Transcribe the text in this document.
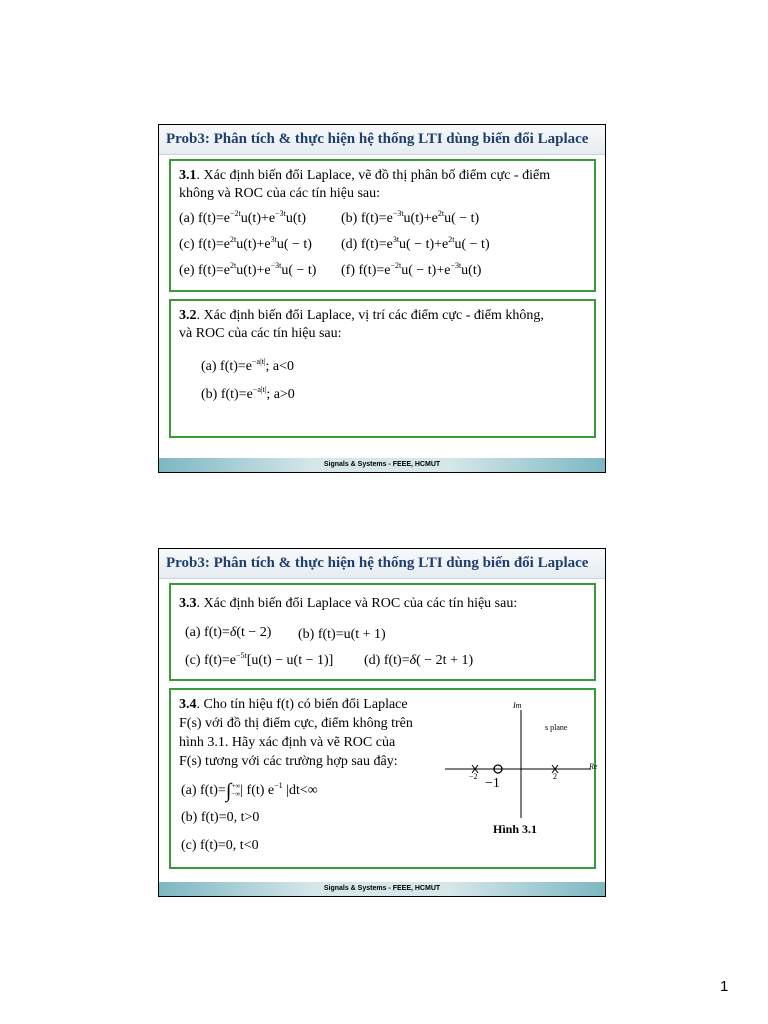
Prob3: Phân tích & thực hiện hệ thống LTI dùng biến đổi Laplace
3.1. Xác định biến đổi Laplace, vẽ đồ thị phân bố điểm cực - điểm
không và ROC của các tín hiệu sau:
(a) $f(t)=e^{-2t}u(t)+e^{-3t}u(t)$ (b) $f(t)=e^{-3t}u(t)+e^{2t}u( - t)$
(c) $f(t)=e^{2t}u(t)+e^{3t}u( - t)$ (d) $f(t)=e^{3t}u( - t)+e^{2t}u( - t)$
(e) $f(t)=e^{2t}u(t)+e^{-3t}u( - t)$ (f) $f(t)=e^{-2t}u( - t)+e^{-3t}u(t)$
3.2. Xác định biến đổi Laplace, vị trí các điểm cực - điểm không,
và ROC của các tín hiệu sau:
(a) $f(t)=e^{-a|t|}$; a<0
(b) $f(t)=e^{-a|t|}$; a>0
Signals & Systems - FEEE, HCMUT
Prob3: Phân tích & thực hiện hệ thống LTI dùng biến đổi Laplace
3.3. Xác định biến đổi Laplace và ROC của các tín hiệu sau:
(a) f(t)=δ(t − 2) (b) f(t)=u(t + 1)
(c) $f(t)=e^{-5t}[u(t) - u(t - 1)]$ (d) f(t)=δ( − 2t + 1)
3.4. Cho tín hiệu f(t) có biến đổi Laplace
F(s) với đồ thị điểm cực, điểm không trên
hình 3.1. Hãy xác định và vẽ ROC của
F(s) tương với các trường hợp sau đây:
(a) f(t)=∫+∞
−∞| f(t) $e^{-1}$ |dt<∞
(b) f(t)=0, t>0
(c) f(t)=0, t<0
Im
s plane
Re
−2	2
−1
Hình 3.1
Signals & Systems - FEEE, HCMUT
1
